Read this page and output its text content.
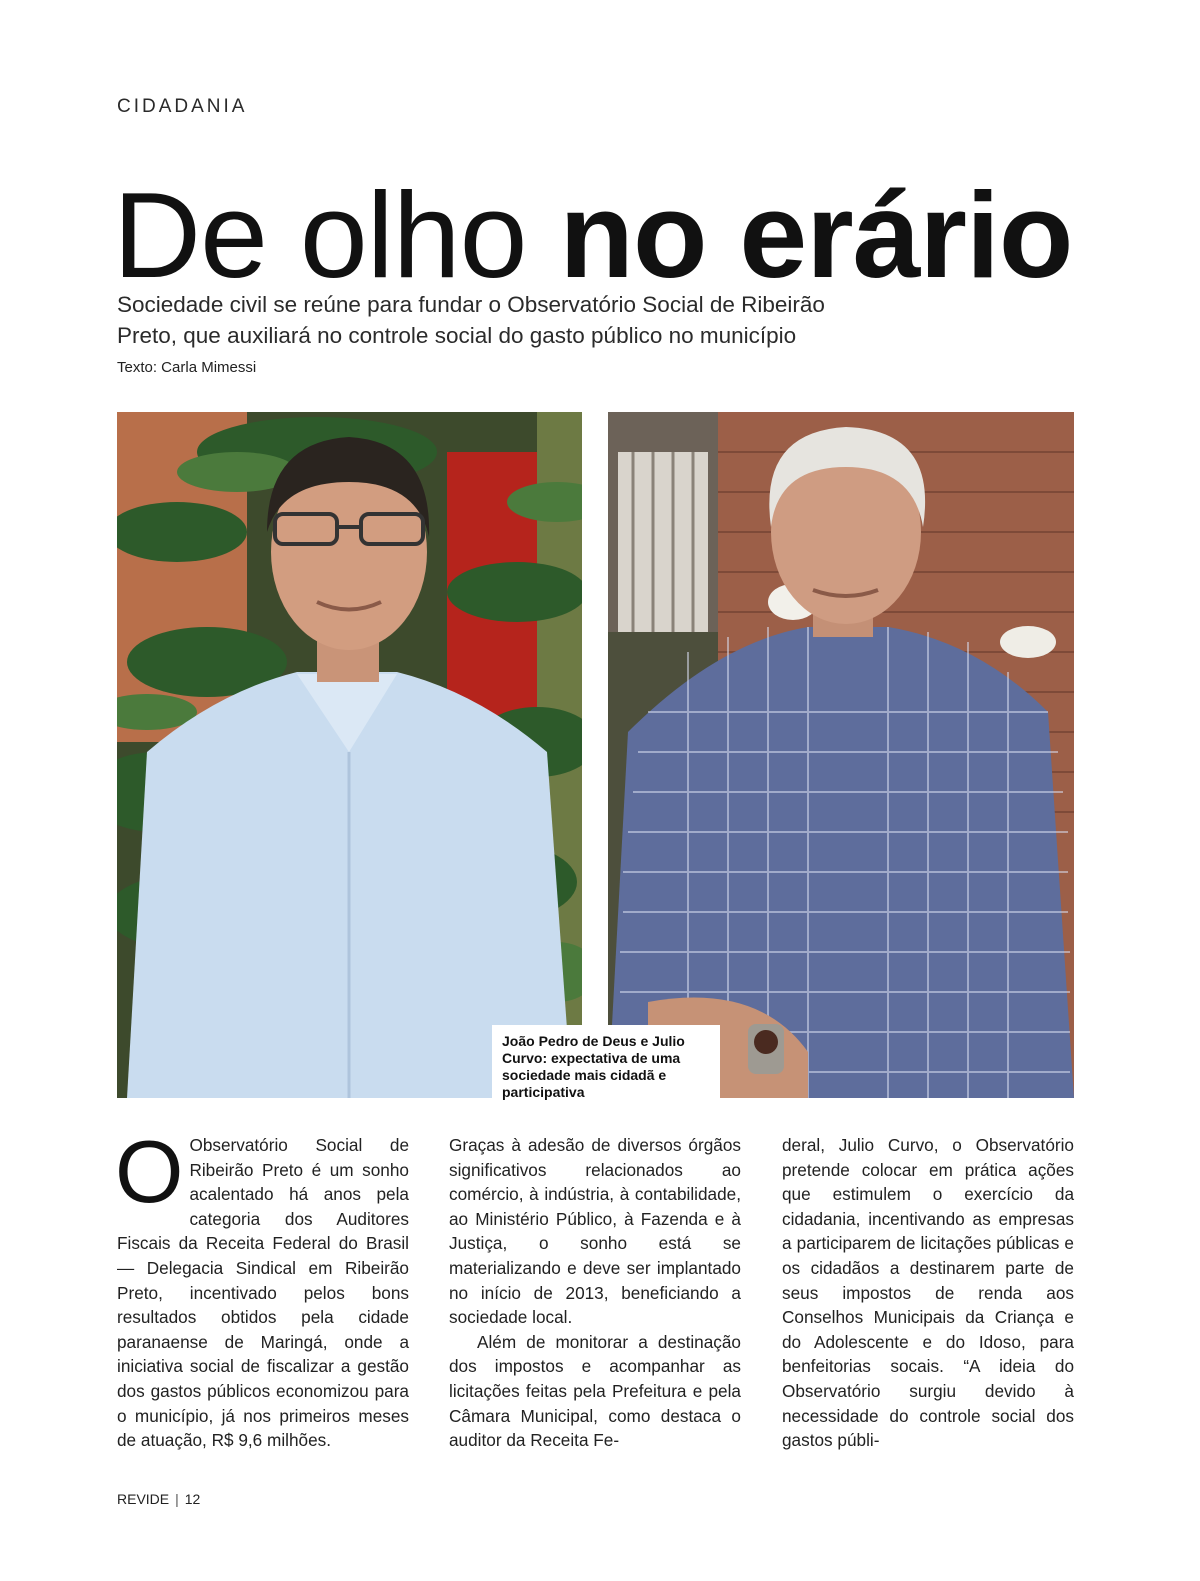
CIDADANIA
De olho no erário
Sociedade civil se reúne para fundar o Observatório Social de Ribeirão Preto, que auxiliará no controle social do gasto público no município
Texto: Carla Mimessi
João Pedro de Deus e Julio Curvo: expectativa de uma sociedade mais cidadã e participativa
O Observatório Social de Ribeirão Preto é um sonho acalentado há anos pela categoria dos Auditores Fiscais da Receita Federal do Brasil — Delegacia Sindical em Ribeirão Preto, incentivado pelos bons resultados obtidos pela cidade paranaense de Maringá, onde a iniciativa social de fiscalizar a gestão dos gastos públicos economizou para o município, já nos primeiros meses de atuação, R$ 9,6 milhões.

Graças à adesão de diversos órgãos significativos relacionados ao comércio, à indústria, à contabilidade, ao Ministério Público, à Fazenda e à Justiça, o sonho está se materializando e deve ser implantado no início de 2013, beneficiando a sociedade local.

Além de monitorar a destinação dos impostos e acompanhar as licitações feitas pela Prefeitura e pela Câmara Municipal, como destaca o auditor da Receita Fe-

deral, Julio Curvo, o Observatório pretende colocar em prática ações que estimulem o exercício da cidadania, incentivando as empresas a participarem de licitações públicas e os cidadãos a destinarem parte de seus impostos de renda aos Conselhos Municipais da Criança e do Adolescente e do Idoso, para benfeitorias socais. “A ideia do Observatório surgiu devido à necessidade do controle social dos gastos públi-

REVIDE | 12
